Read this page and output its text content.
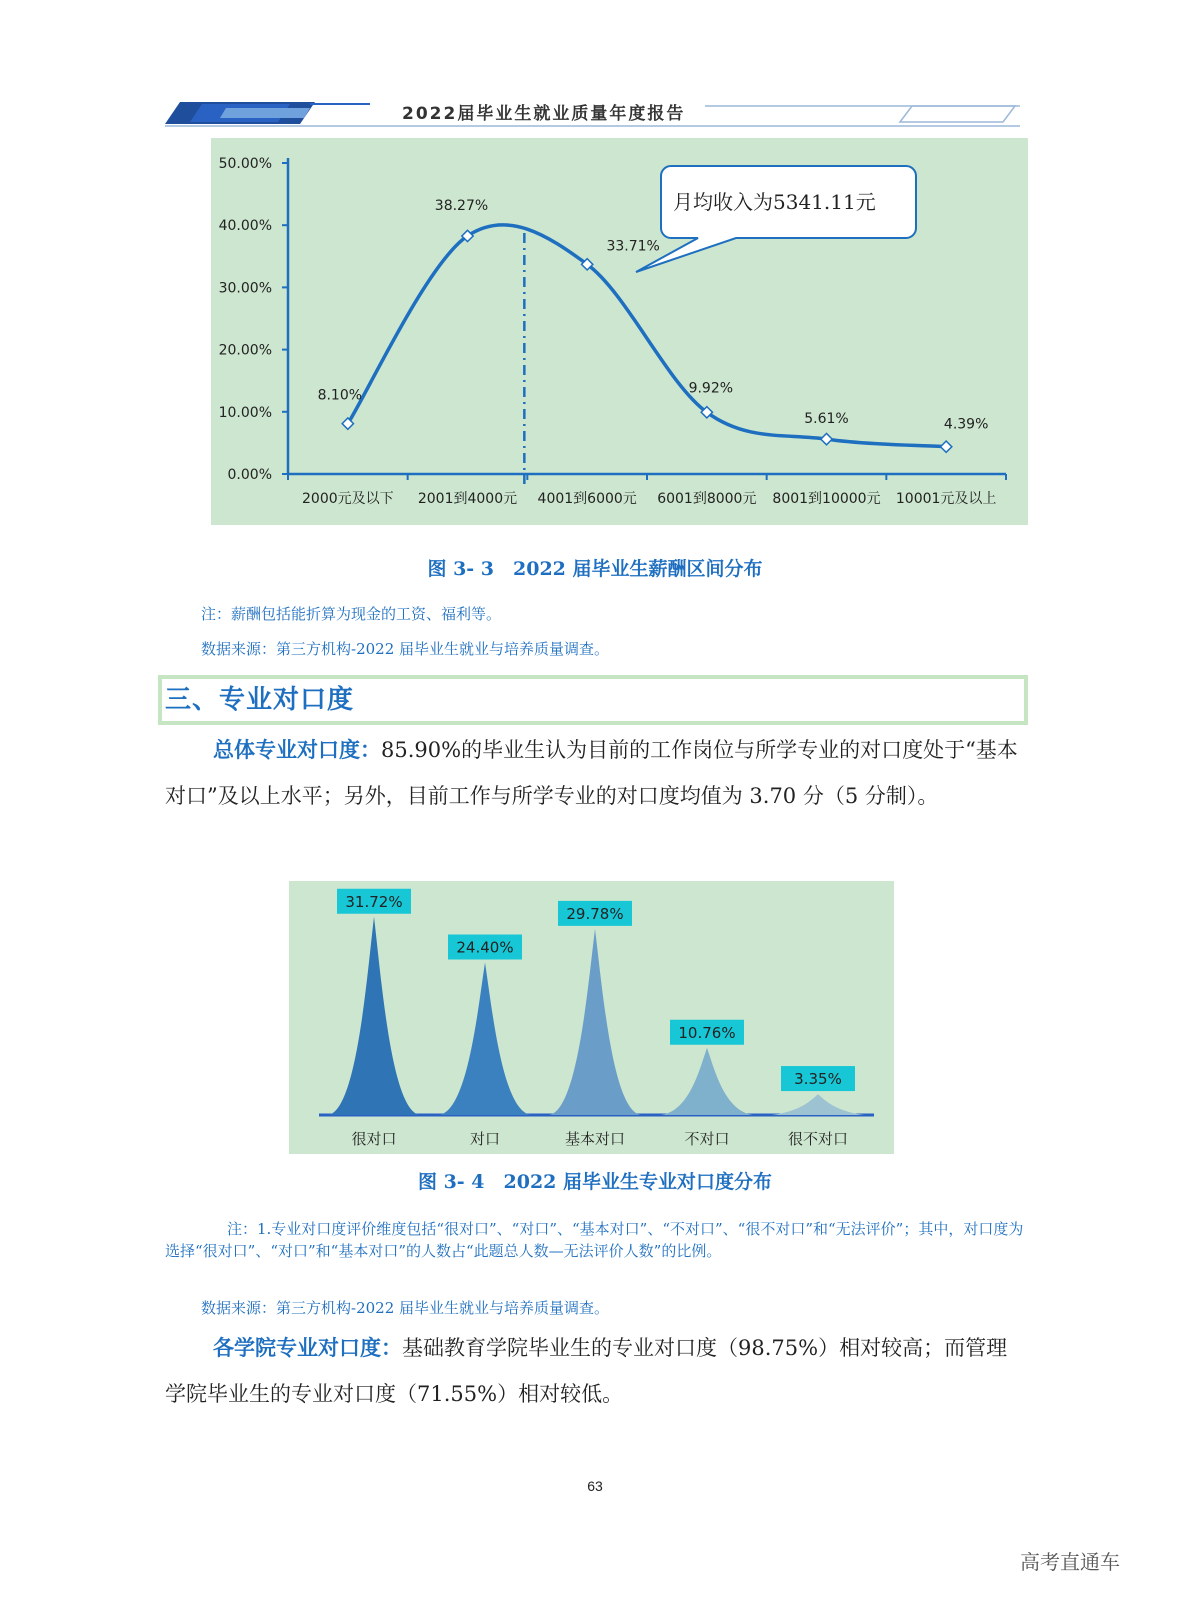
2022届毕业生就业质量年度报告
0.00%
10.00%
20.00%
30.00%
40.00%
50.00%
2000元及以下 2001到4000元 4001到6000元 6001到8000元 8001到10000元 10001元及以上
8.10%
38.27%
33.71%
9.92%
5.61%	4.39%
月均收入为5341.11元
图 3- 3　2022 届毕业生薪酬区间分布
注：薪酬包括能折算为现金的工资、福利等。
数据来源：第三方机构-2022 届毕业生就业与培养质量调查。
三、专业对口度
总体专业对口度：85.90%的毕业生认为目前的工作岗位与所学专业的对口度处于“基本对口”及以上水平；另外，目前工作与所学专业的对口度均值为 3.70 分（5 分制）。
31.72%
很对口
24.40%
对口
29.78%
基本对口
10.76%
不对口
3.35%
很不对口
图 3- 4　2022 届毕业生专业对口度分布
注：1.专业对口度评价维度包括“很对口”、“对口”、“基本对口”、“不对口”、“很不对口”和“无法评价”；其中，对口度为选择“很对口”、“对口”和“基本对口”的人数占“此题总人数—无法评价人数”的比例。
数据来源：第三方机构-2022 届毕业生就业与培养质量调查。
各学院专业对口度：基础教育学院毕业生的专业对口度（98.75%）相对较高；而管理学院毕业生的专业对口度（71.55%）相对较低。
63
高考直通车
